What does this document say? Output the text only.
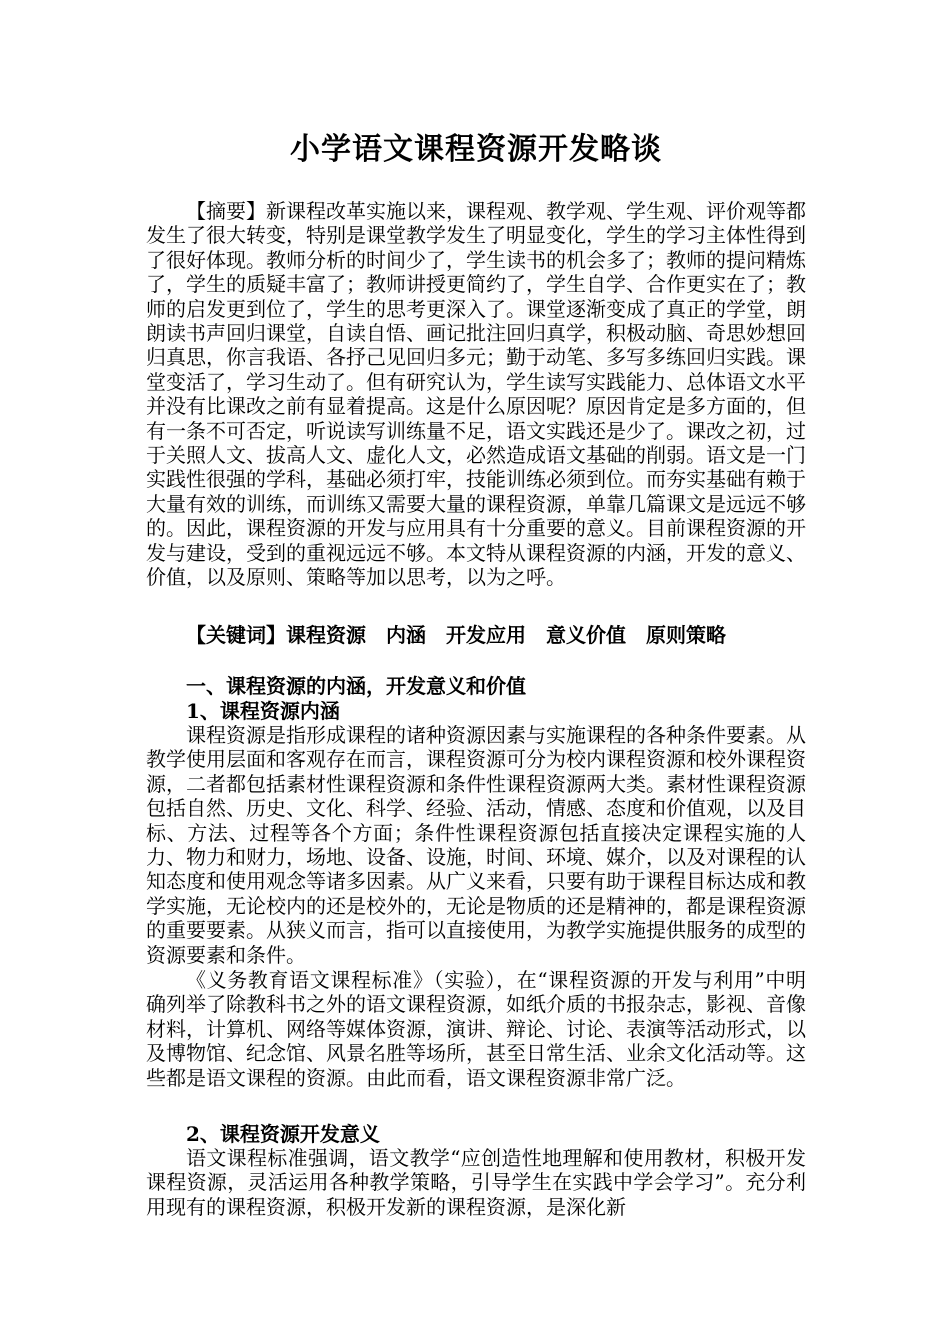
小学语文课程资源开发略谈

【摘要】新课程改革实施以来，课程观、教学观、学生观、评价观等都发生了很大转变，特别是课堂教学发生了明显变化，学生的学习主体性得到了很好体现。教师分析的时间少了，学生读书的机会多了；教师的提问精炼了，学生的质疑丰富了；教师讲授更简约了，学生自学、合作更实在了；教师的启发更到位了，学生的思考更深入了。课堂逐渐变成了真正的学堂，朗朗读书声回归课堂，自读自悟、画记批注回归真学，积极动脑、奇思妙想回归真思，你言我语、各抒己见回归多元；勤于动笔、多写多练回归实践。课堂变活了，学习生动了。但有研究认为，学生读写实践能力、总体语文水平并没有比课改之前有显着提高。这是什么原因呢？原因肯定是多方面的，但有一条不可否定，听说读写训练量不足，语文实践还是少了。课改之初，过于关照人文、拔高人文、虚化人文，必然造成语文基础的削弱。语文是一门实践性很强的学科，基础必须打牢，技能训练必须到位。而夯实基础有赖于大量有效的训练，而训练又需要大量的课程资源，单靠几篇课文是远远不够的。因此，课程资源的开发与应用具有十分重要的意义。目前课程资源的开发与建设，受到的重视远远不够。本文特从课程资源的内涵，开发的意义、价值，以及原则、策略等加以思考，以为之呼。

【关键词】课程资源　内涵　开发应用　意义价值　原则策略

一、课程资源的内涵，开发意义和价值

1、课程资源内涵

课程资源是指形成课程的诸种资源因素与实施课程的各种条件要素。从教学使用层面和客观存在而言，课程资源可分为校内课程资源和校外课程资源，二者都包括素材性课程资源和条件性课程资源两大类。素材性课程资源包括自然、历史、文化、科学、经验、活动，情感、态度和价值观，以及目标、方法、过程等各个方面；条件性课程资源包括直接决定课程实施的人力、物力和财力，场地、设备、设施，时间、环境、媒介，以及对课程的认知态度和使用观念等诸多因素。从广义来看，只要有助于课程目标达成和教学实施，无论校内的还是校外的，无论是物质的还是精神的，都是课程资源的重要要素。从狭义而言，指可以直接使用，为教学实施提供服务的成型的资源要素和条件。

《义务教育语文课程标准》（实验），在“课程资源的开发与利用”中明确列举了除教科书之外的语文课程资源，如纸介质的书报杂志，影视、音像材料，计算机、网络等媒体资源，演讲、辩论、讨论、表演等活动形式，以及博物馆、纪念馆、风景名胜等场所，甚至日常生活、业余文化活动等。这些都是语文课程的资源。由此而看，语文课程资源非常广泛。

2、课程资源开发意义

语文课程标准强调，语文教学“应创造性地理解和使用教材，积极开发课程资源，灵活运用各种教学策略，引导学生在实践中学会学习”。充分利用现有的课程资源，积极开发新的课程资源，是深化新
